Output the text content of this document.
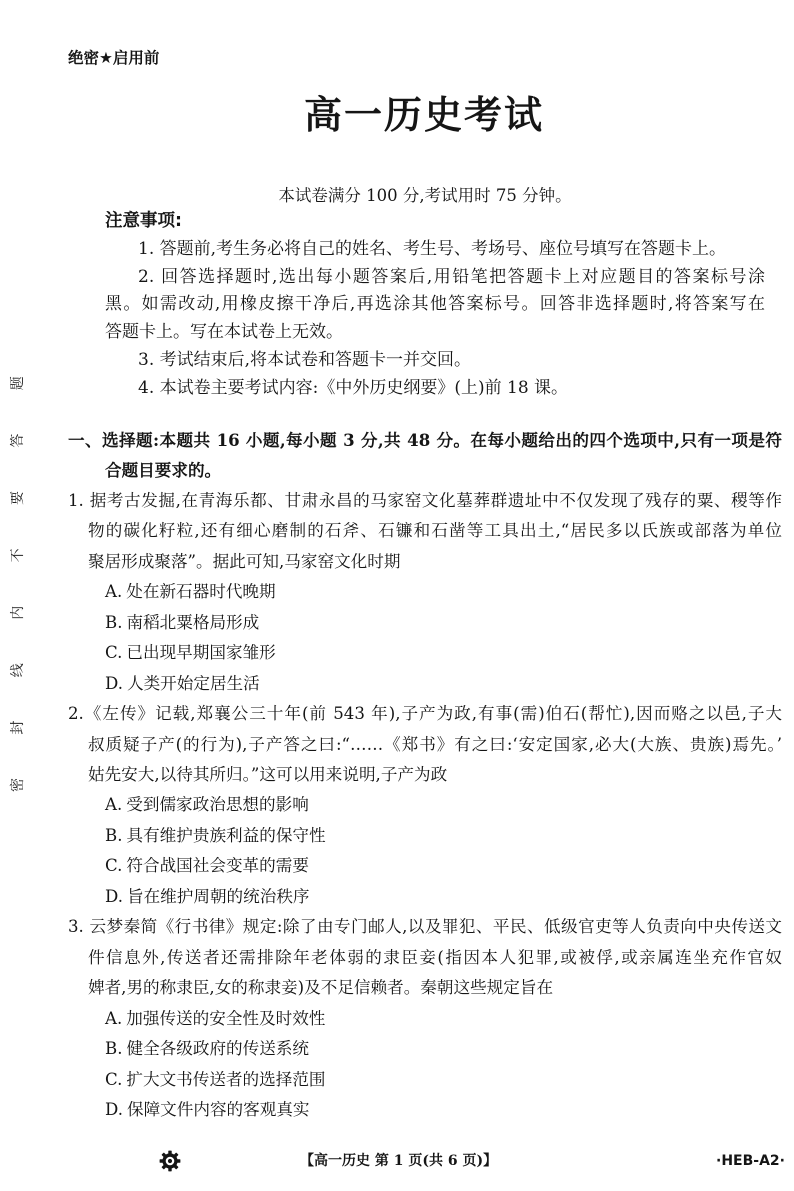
密封线内不要答题
绝密★启用前
高一历史考试
本试卷满分 100 分,考试用时 75 分钟。
注意事项:
1. 答题前,考生务必将自己的姓名、考生号、考场号、座位号填写在答题卡上。
2. 回答选择题时,选出每小题答案后,用铅笔把答题卡上对应题目的答案标号涂
黑。如需改动,用橡皮擦干净后,再选涂其他答案标号。回答非选择题时,将答案写在
答题卡上。写在本试卷上无效。
3. 考试结束后,将本试卷和答题卡一并交回。
4. 本试卷主要考试内容:《中外历史纲要》(上)前 18 课。
一、选择题:本题共 16 小题,每小题 3 分,共 48 分。在每小题给出的四个选项中,只有一项是符
合题目要求的。
1. 据考古发掘,在青海乐都、甘肃永昌的马家窑文化墓葬群遗址中不仅发现了残存的粟、稷等作
物的碳化籽粒,还有细心磨制的石斧、石镰和石凿等工具出土,“居民多以氏族或部落为单位
聚居形成聚落”。据此可知,马家窑文化时期
A. 处在新石器时代晚期
B. 南稻北粟格局形成
C. 已出现早期国家雏形
D. 人类开始定居生活
2.《左传》记载,郑襄公三十年(前 543 年),子产为政,有事(需)伯石(帮忙),因而赂之以邑,子大
叔质疑子产(的行为),子产答之曰:“……《郑书》有之曰:‘安定国家,必大(大族、贵族)焉先。’
姑先安大,以待其所归。”这可以用来说明,子产为政
A. 受到儒家政治思想的影响
B. 具有维护贵族利益的保守性
C. 符合战国社会变革的需要
D. 旨在维护周朝的统治秩序
3. 云梦秦简《行书律》规定:除了由专门邮人,以及罪犯、平民、低级官吏等人负责向中央传送文
件信息外,传送者还需排除年老体弱的隶臣妾(指因本人犯罪,或被俘,或亲属连坐充作官奴
婢者,男的称隶臣,女的称隶妾)及不足信赖者。秦朝这些规定旨在
A. 加强传送的安全性及时效性
B. 健全各级政府的传送系统
C. 扩大文书传送者的选择范围
D. 保障文件内容的客观真实
【高一历史 第 1 页(共 6 页)】	·HEB-A2·
